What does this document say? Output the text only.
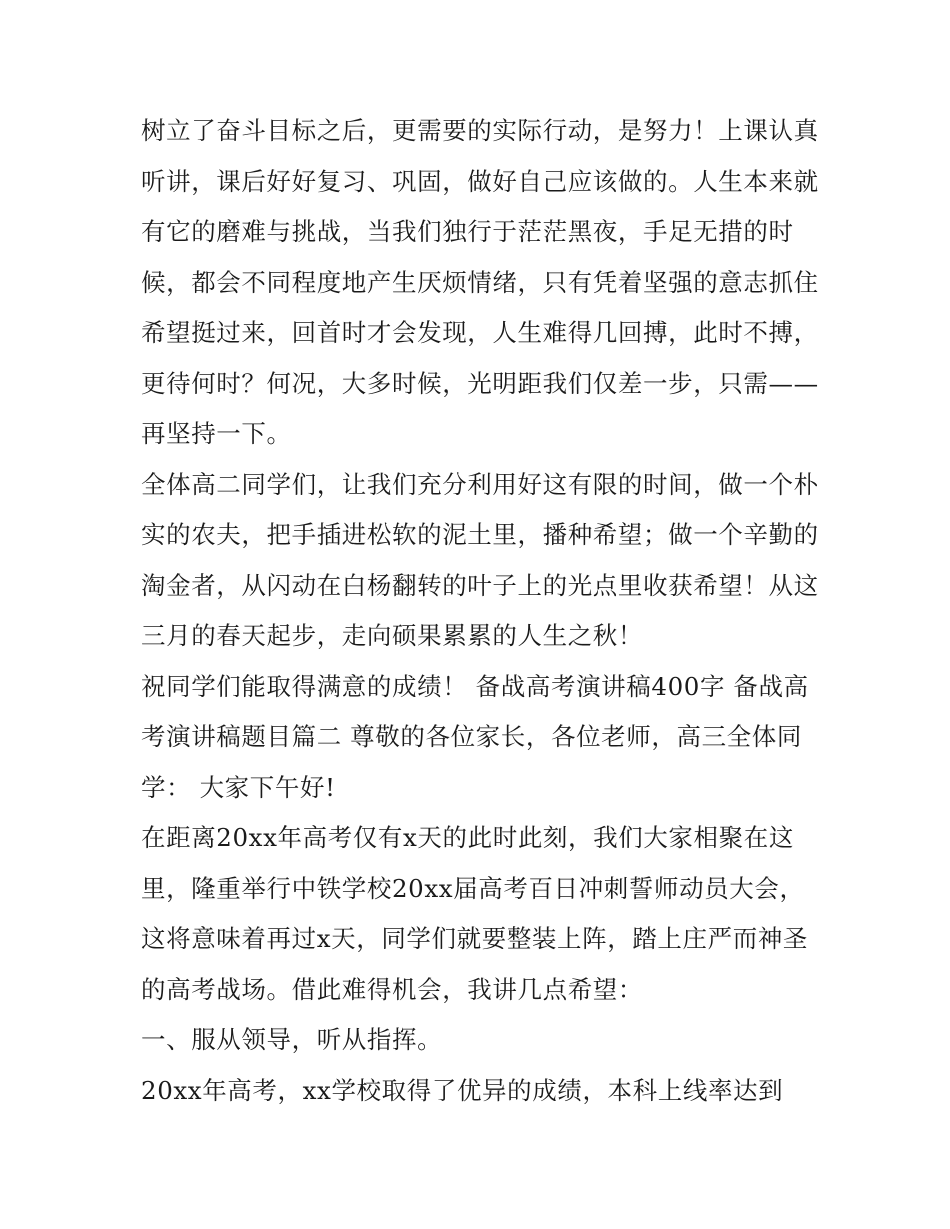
树立了奋斗目标之后，更需要的实际行动，是努力！上课认真
听讲，课后好好复习、巩固，做好自己应该做的。人生本来就
有它的磨难与挑战，当我们独行于茫茫黑夜，手足无措的时
候，都会不同程度地产生厌烦情绪，只有凭着坚强的意志抓住
希望挺过来，回首时才会发现，人生难得几回搏，此时不搏，
更待何时？何况，大多时候，光明距我们仅差一步，只需——
再坚持一下。

全体高二同学们，让我们充分利用好这有限的时间，做一个朴
实的农夫，把手插进松软的泥土里，播种希望；做一个辛勤的
淘金者，从闪动在白杨翻转的叶子上的光点里收获希望！从这
三月的春天起步，走向硕果累累的人生之秋！

祝同学们能取得满意的成绩！ 备战高考演讲稿400字 备战高
考演讲稿题目篇二 尊敬的各位家长，各位老师，高三全体同
学： 大家下午好!

在距离20xx年高考仅有x天的此时此刻，我们大家相聚在这
里，隆重举行中铁学校20xx届高考百日冲刺誓师动员大会，
这将意味着再过x天，同学们就要整装上阵，踏上庄严而神圣
的高考战场。借此难得机会，我讲几点希望：

一、服从领导，听从指挥。

20xx年高考，xx学校取得了优异的成绩，本科上线率达到
